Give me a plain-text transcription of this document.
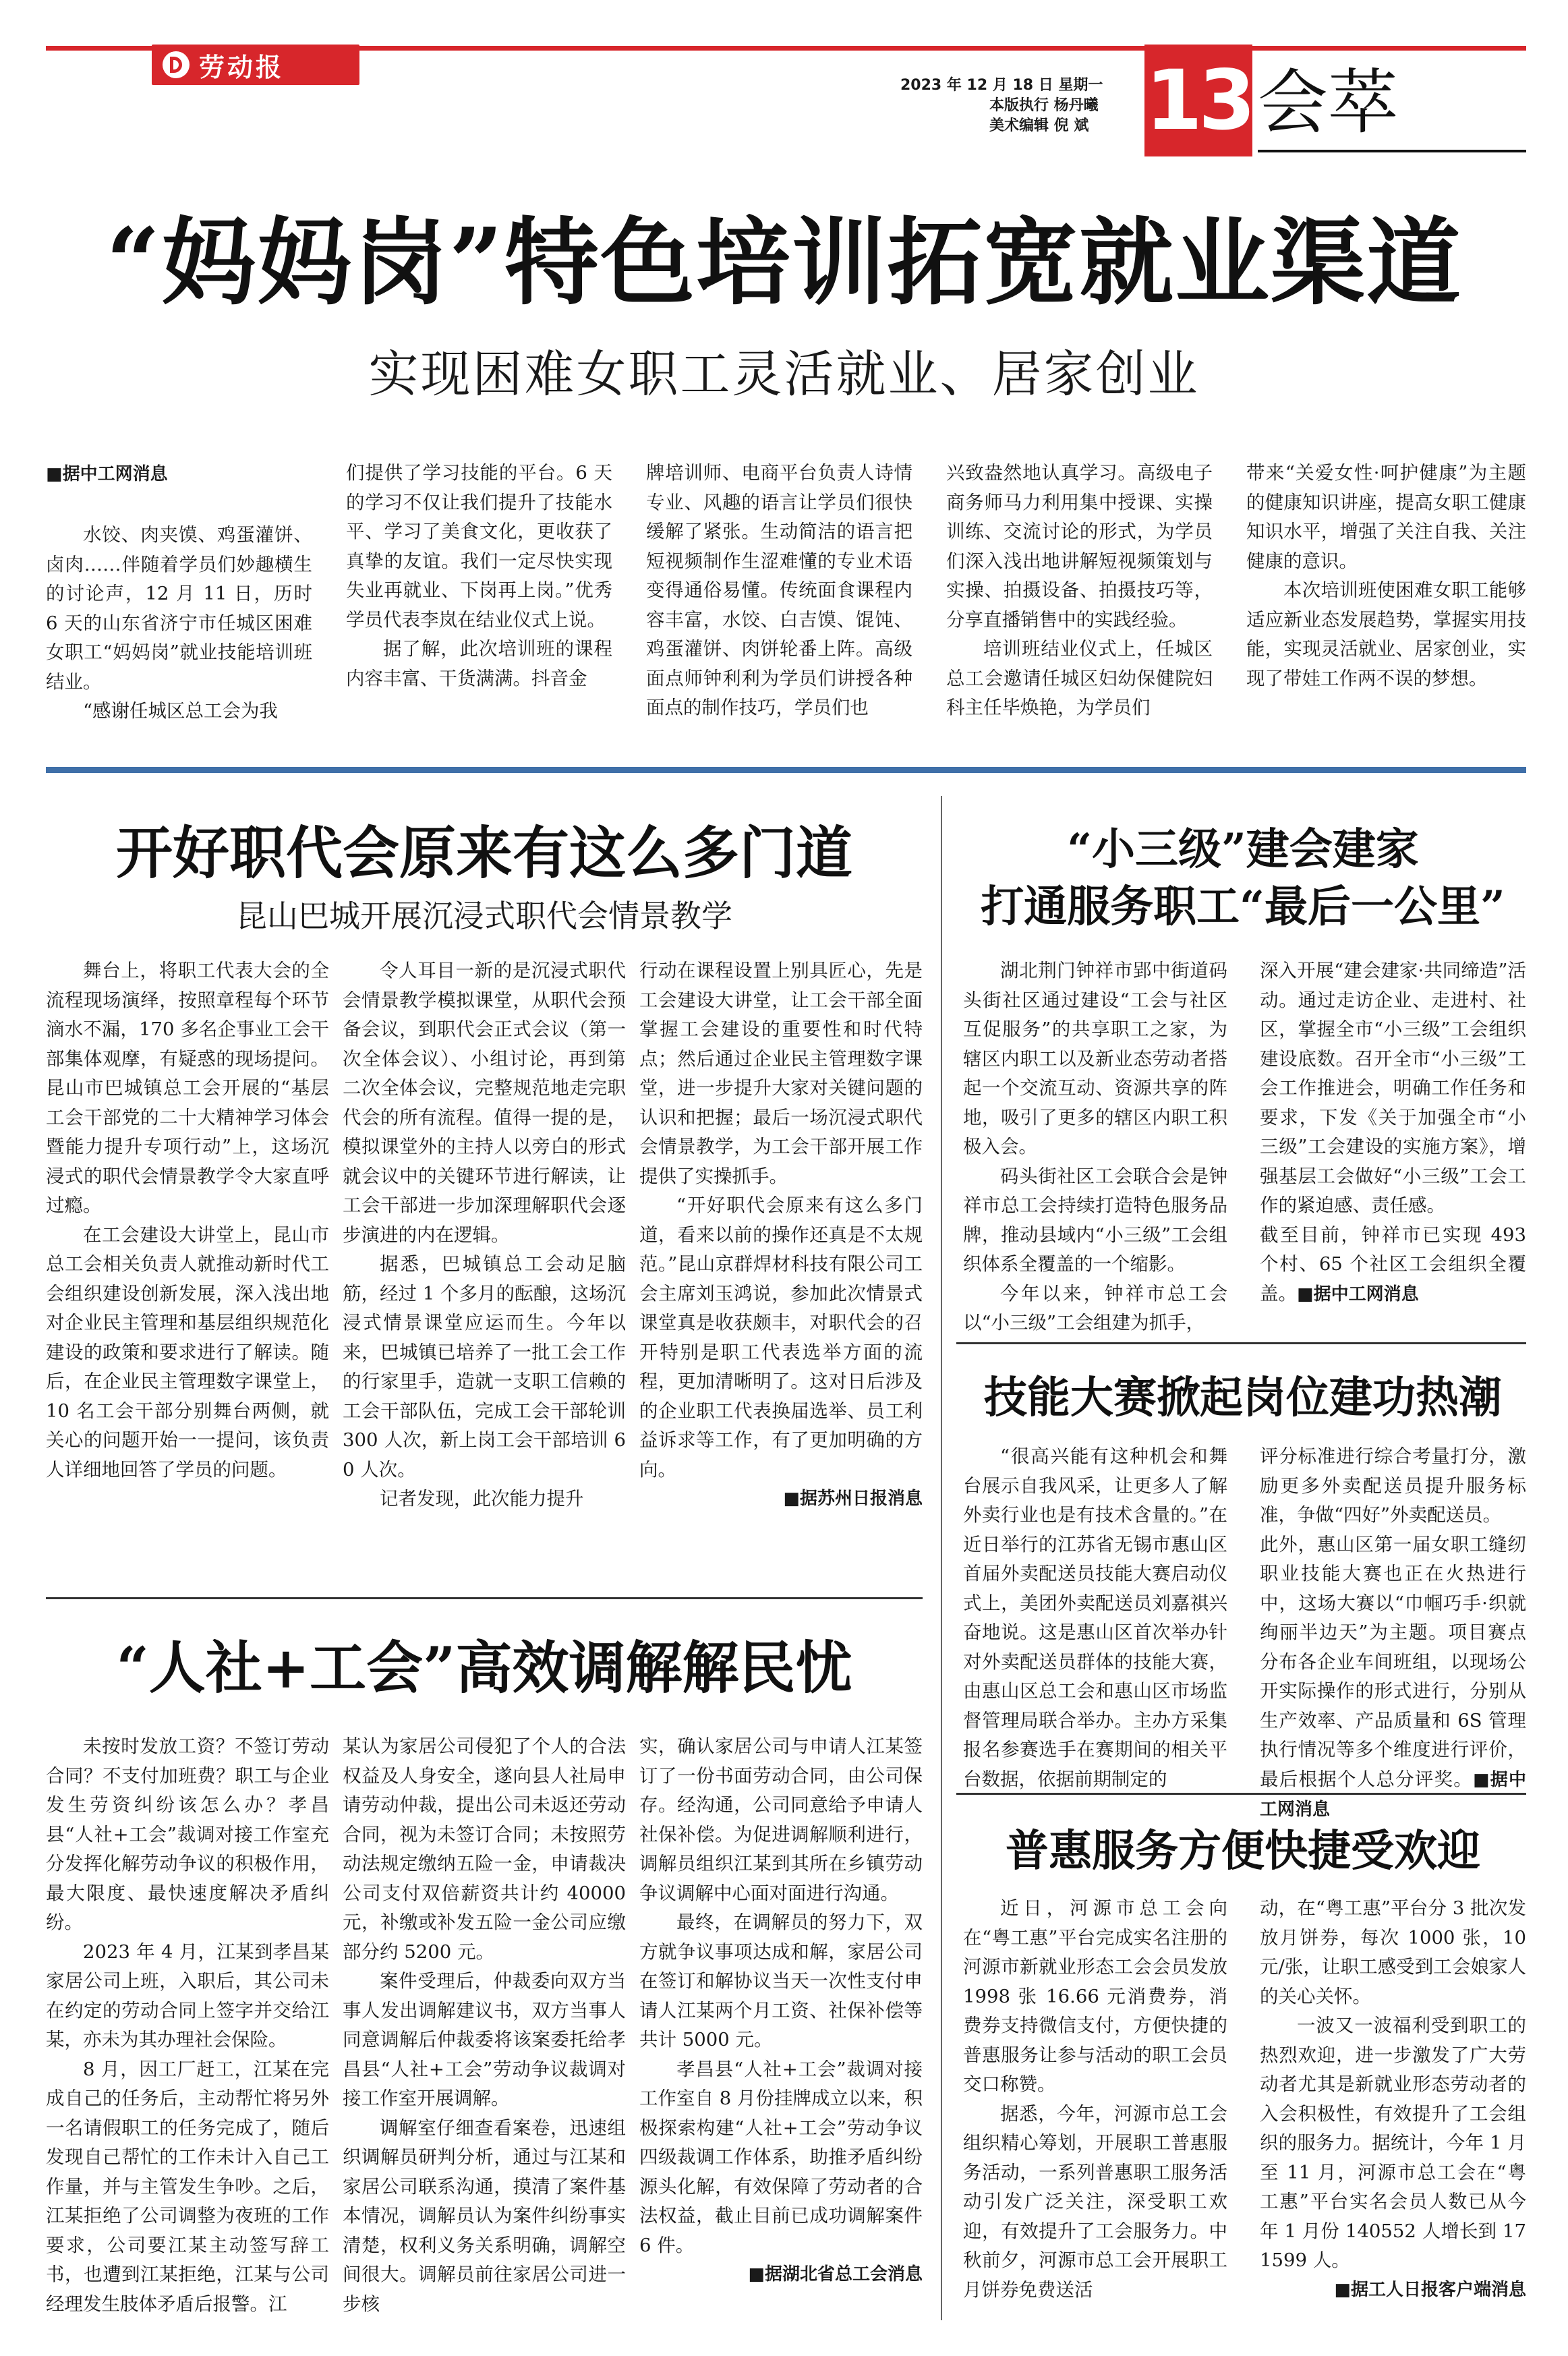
劳动报
2023 年 12 月 18 日 星期一
本版执行 杨丹曦
美术编辑 倪 斌 13 会萃
“妈妈岗”特色培训拓宽就业渠道
实现困难女职工灵活就业、居家创业
■据中工网消息

水饺、肉夹馍、鸡蛋灌饼、卤肉……伴随着学员们妙趣横生的讨论声，12 月 11 日，历时 6 天的山东省济宁市任城区困难女职工“妈妈岗”就业技能培训班结业。

“感谢任城区总工会为我

们提供了学习技能的平台。6 天的学习不仅让我们提升了技能水平、学习了美食文化，更收获了真挚的友谊。我们一定尽快实现失业再就业、下岗再上岗。”优秀学员代表李岚在结业仪式上说。

据了解，此次培训班的课程内容丰富、干货满满。抖音金

牌培训师、电商平台负责人诗情专业、风趣的语言让学员们很快缓解了紧张。生动简洁的语言把短视频制作生涩难懂的专业术语变得通俗易懂。传统面食课程内容丰富，水饺、白吉馍、馄饨、鸡蛋灌饼、肉饼轮番上阵。高级面点师钟利利为学员们讲授各种面点的制作技巧，学员们也

兴致盎然地认真学习。高级电子商务师马力利用集中授课、实操训练、交流讨论的形式，为学员们深入浅出地讲解短视频策划与实操、拍摄设备、拍摄技巧等，分享直播销售中的实践经验。

培训班结业仪式上，任城区总工会邀请任城区妇幼保健院妇科主任毕焕艳，为学员们

带来“关爱女性·呵护健康”为主题的健康知识讲座，提高女职工健康知识水平，增强了关注自我、关注健康的意识。

本次培训班使困难女职工能够适应新业态发展趋势，掌握实用技能，实现灵活就业、居家创业，实现了带娃工作两不误的梦想。

开好职代会原来有这么多门道
昆山巴城开展沉浸式职代会情景教学

舞台上，将职工代表大会的全流程现场演绎，按照章程每个环节滴水不漏，170 多名企事业工会干部集体观摩，有疑惑的现场提问。昆山市巴城镇总工会开展的“基层工会干部党的二十大精神学习体会暨能力提升专项行动”上，这场沉浸式的职代会情景教学令大家直呼过瘾。

在工会建设大讲堂上，昆山市总工会相关负责人就推动新时代工会组织建设创新发展，深入浅出地对企业民主管理和基层组织规范化建设的政策和要求进行了解读。随后，在企业民主管理数字课堂上，10 名工会干部分别舞台两侧，就关心的问题开始一一提问，该负责人详细地回答了学员的问题。

令人耳目一新的是沉浸式职代会情景教学模拟课堂，从职代会预备会议，到职代会正式会议（第一次全体会议）、小组讨论，再到第二次全体会议，完整规范地走完职代会的所有流程。值得一提的是，模拟课堂外的主持人以旁白的形式就会议中的关键环节进行解读，让工会干部进一步加深理解职代会逐步演进的内在逻辑。

据悉，巴城镇总工会动足脑筋，经过 1 个多月的酝酿，这场沉浸式情景课堂应运而生。今年以来，巴城镇已培养了一批工会工作的行家里手，造就一支职工信赖的工会干部队伍，完成工会干部轮训 300 人次，新上岗工会干部培训 60 人次。

记者发现，此次能力提升

行动在课程设置上别具匠心，先是工会建设大讲堂，让工会干部全面掌握工会建设的重要性和时代特点；然后通过企业民主管理数字课堂，进一步提升大家对关键问题的认识和把握；最后一场沉浸式职代会情景教学，为工会干部开展工作提供了实操抓手。

“开好职代会原来有这么多门道，看来以前的操作还真是不太规范。”昆山京群焊材科技有限公司工会主席刘玉鸿说，参加此次情景式课堂真是收获颇丰，对职代会的召开特别是职工代表选举方面的流程，更加清晰明了。这对日后涉及的企业职工代表换届选举、员工利益诉求等工作，有了更加明确的方向。

■据苏州日报消息
“人社+工会”高效调解解民忧

未按时发放工资？不签订劳动合同？不支付加班费？职工与企业发生劳资纠纷该怎么办？孝昌县“人社+工会”裁调对接工作室充分发挥化解劳动争议的积极作用，最大限度、最快速度解决矛盾纠纷。

2023 年 4 月，江某到孝昌某家居公司上班，入职后，其公司未在约定的劳动合同上签字并交给江某，亦未为其办理社会保险。

8 月，因工厂赶工，江某在完成自己的任务后，主动帮忙将另外一名请假职工的任务完成了，随后发现自己帮忙的工作未计入自己工作量，并与主管发生争吵。之后，江某拒绝了公司调整为夜班的工作要求，公司要江某主动签写辞工书，也遭到江某拒绝，江某与公司经理发生肢体矛盾后报警。江

某认为家居公司侵犯了个人的合法权益及人身安全，遂向县人社局申请劳动仲裁，提出公司未返还劳动合同，视为未签订合同；未按照劳动法规定缴纳五险一金，申请裁决公司支付双倍薪资共计约 40000 元，补缴或补发五险一金公司应缴部分约 5200 元。

案件受理后，仲裁委向双方当事人发出调解建议书，双方当事人同意调解后仲裁委将该案委托给孝昌县“人社+工会”劳动争议裁调对接工作室开展调解。

调解室仔细查看案卷，迅速组织调解员研判分析，通过与江某和家居公司联系沟通，摸清了案件基本情况，调解员认为案件纠纷事实清楚，权利义务关系明确，调解空间很大。调解员前往家居公司进一步核

实，确认家居公司与申请人江某签订了一份书面劳动合同，由公司保存。经沟通，公司同意给予申请人社保补偿。为促进调解顺利进行，调解员组织江某到其所在乡镇劳动争议调解中心面对面进行沟通。

最终，在调解员的努力下，双方就争议事项达成和解，家居公司在签订和解协议当天一次性支付申请人江某两个月工资、社保补偿等共计 5000 元。

孝昌县“人社+工会”裁调对接工作室自 8 月份挂牌成立以来，积极探索构建“人社+工会”劳动争议四级裁调工作体系，助推矛盾纠纷源头化解，有效保障了劳动者的合法权益，截止目前已成功调解案件 6 件。

■据湖北省总工会消息
“小三级”建会建家
打通服务职工“最后一公里”

湖北荆门钟祥市郢中街道码头街社区通过建设“工会与社区互促服务”的共享职工之家，为辖区内职工以及新业态劳动者搭起一个交流互动、资源共享的阵地，吸引了更多的辖区内职工积极入会。

码头街社区工会联合会是钟祥市总工会持续打造特色服务品牌，推动县域内“小三级”工会组织体系全覆盖的一个缩影。

今年以来，钟祥市总工会以“小三级”工会组建为抓手，

深入开展“建会建家·共同缔造”活动。通过走访企业、走进村、社区，掌握全市“小三级”工会组织建设底数。召开全市“小三级”工会工作推进会，明确工作任务和要求，下发《关于加强全市“小三级”工会建设的实施方案》，增强基层工会做好“小三级”工会工作的紧迫感、责任感。

截至目前，钟祥市已实现 493 个村、65 个社区工会组织全覆盖。

■据中工网消息
技能大赛掀起岗位建功热潮

“很高兴能有这种机会和舞台展示自我风采，让更多人了解外卖行业也是有技术含量的。”在近日举行的江苏省无锡市惠山区首届外卖配送员技能大赛启动仪式上，美团外卖配送员刘嘉祺兴奋地说。这是惠山区首次举办针对外卖配送员群体的技能大赛，由惠山区总工会和惠山区市场监督管理局联合举办。主办方采集报名参赛选手在赛期间的相关平台数据，依据前期制定的

评分标准进行综合考量打分，激励更多外卖配送员提升服务标准，争做“四好”外卖配送员。

此外，惠山区第一届女职工缝纫职业技能大赛也正在火热进行中，这场大赛以“巾帼巧手·织就绚丽半边天”为主题。项目赛点分布各企业车间班组，以现场公开实际操作的形式进行，分别从生产效率、产品质量和 6S 管理执行情况等多个维度进行评价，最后根据个人总分评奖。

■据中工网消息
普惠服务方便快捷受欢迎

近日，河源市总工会向在“粤工惠”平台完成实名注册的河源市新就业形态工会会员发放 1998 张 16.66 元消费券，消费券支持微信支付，方便快捷的普惠服务让参与活动的职工会员交口称赞。

据悉，今年，河源市总工会组织精心筹划，开展职工普惠服务活动，一系列普惠职工服务活动引发广泛关注，深受职工欢迎，有效提升了工会服务力。中秋前夕，河源市总工会开展职工月饼券免费送活

动，在“粤工惠”平台分 3 批次发放月饼券，每次 1000 张，10 元/张，让职工感受到工会娘家人的关心关怀。

一波又一波福利受到职工的热烈欢迎，进一步激发了广大劳动者尤其是新就业形态劳动者的入会积极性，有效提升了工会组织的服务力。据统计，今年 1 月至 11 月，河源市总工会在“粤工惠”平台实名会员人数已从今年 1 月份 140552 人增长到 171599 人。

■据工人日报客户端消息
